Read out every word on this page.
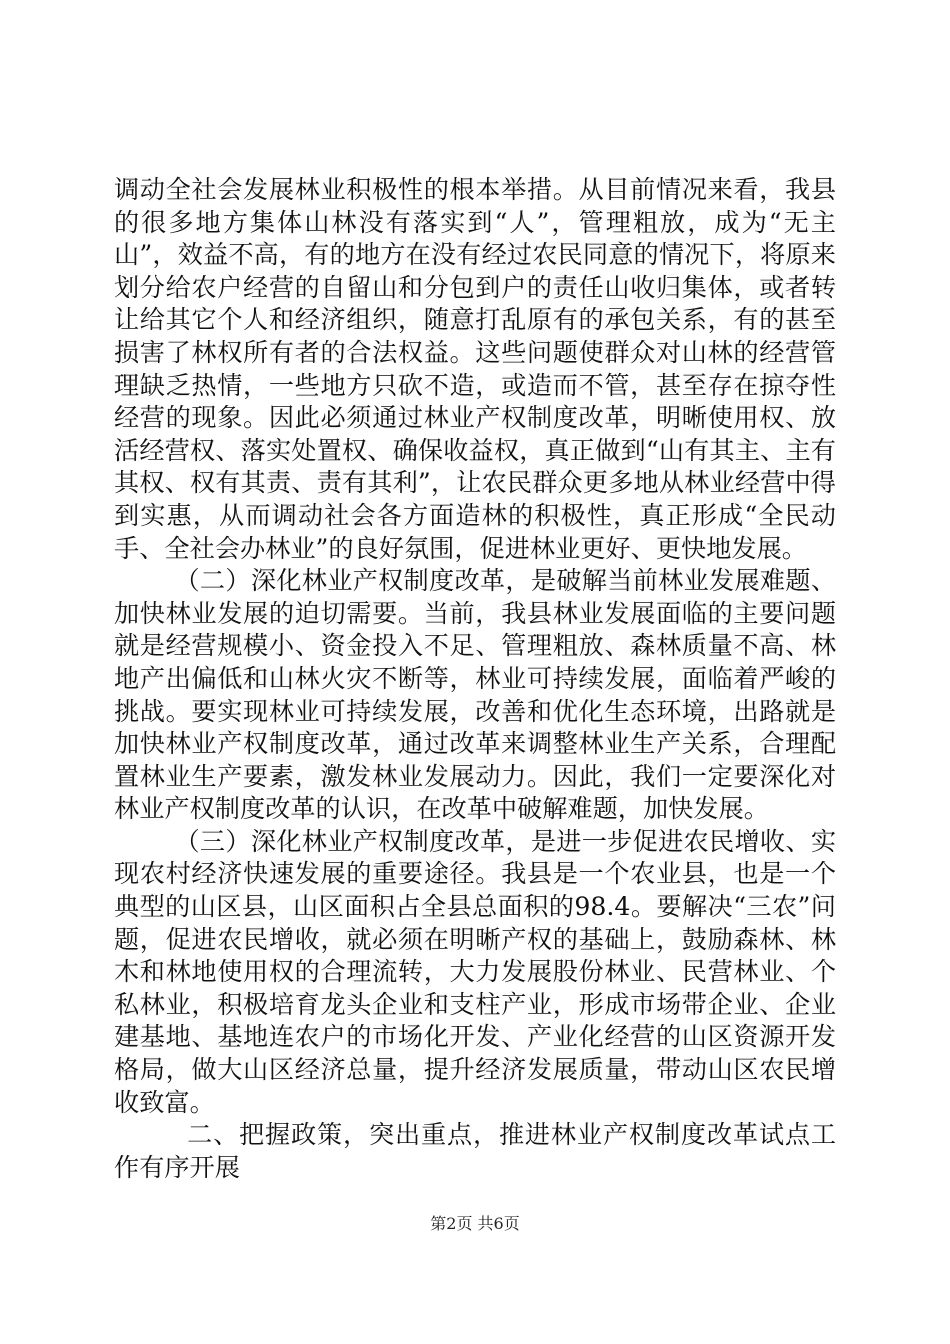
调动全社会发展林业积极性的根本举措。从目前情况来看，我县的很多地方集体山林没有落实到“人”，管理粗放，成为“无主山”，效益不高，有的地方在没有经过农民同意的情况下，将原来划分给农户经营的自留山和分包到户的责任山收归集体，或者转让给其它个人和经济组织，随意打乱原有的承包关系，有的甚至损害了林权所有者的合法权益。这些问题使群众对山林的经营管理缺乏热情，一些地方只砍不造，或造而不管，甚至存在掠夺性经营的现象。因此必须通过林业产权制度改革，明晰使用权、放活经营权、落实处置权、确保收益权，真正做到“山有其主、主有其权、权有其责、责有其利”，让农民群众更多地从林业经营中得到实惠，从而调动社会各方面造林的积极性，真正形成“全民动手、全社会办林业”的良好氛围，促进林业更好、更快地发展。

（二）深化林业产权制度改革，是破解当前林业发展难题、加快林业发展的迫切需要。当前，我县林业发展面临的主要问题就是经营规模小、资金投入不足、管理粗放、森林质量不高、林地产出偏低和山林火灾不断等，林业可持续发展，面临着严峻的挑战。要实现林业可持续发展，改善和优化生态环境，出路就是加快林业产权制度改革，通过改革来调整林业生产关系，合理配置林业生产要素，激发林业发展动力。因此，我们一定要深化对林业产权制度改革的认识，在改革中破解难题，加快发展。

（三）深化林业产权制度改革，是进一步促进农民增收、实现农村经济快速发展的重要途径。我县是一个农业县，也是一个典型的山区县，山区面积占全县总面积的98.4。要解决“三农”问题，促进农民增收，就必须在明晰产权的基础上，鼓励森林、林木和林地使用权的合理流转，大力发展股份林业、民营林业、个私林业，积极培育龙头企业和支柱产业，形成市场带企业、企业建基地、基地连农户的市场化开发、产业化经营的山区资源开发格局，做大山区经济总量，提升经济发展质量，带动山区农民增收致富。

二、把握政策，突出重点，推进林业产权制度改革试点工作有序开展

第2页 共6页
